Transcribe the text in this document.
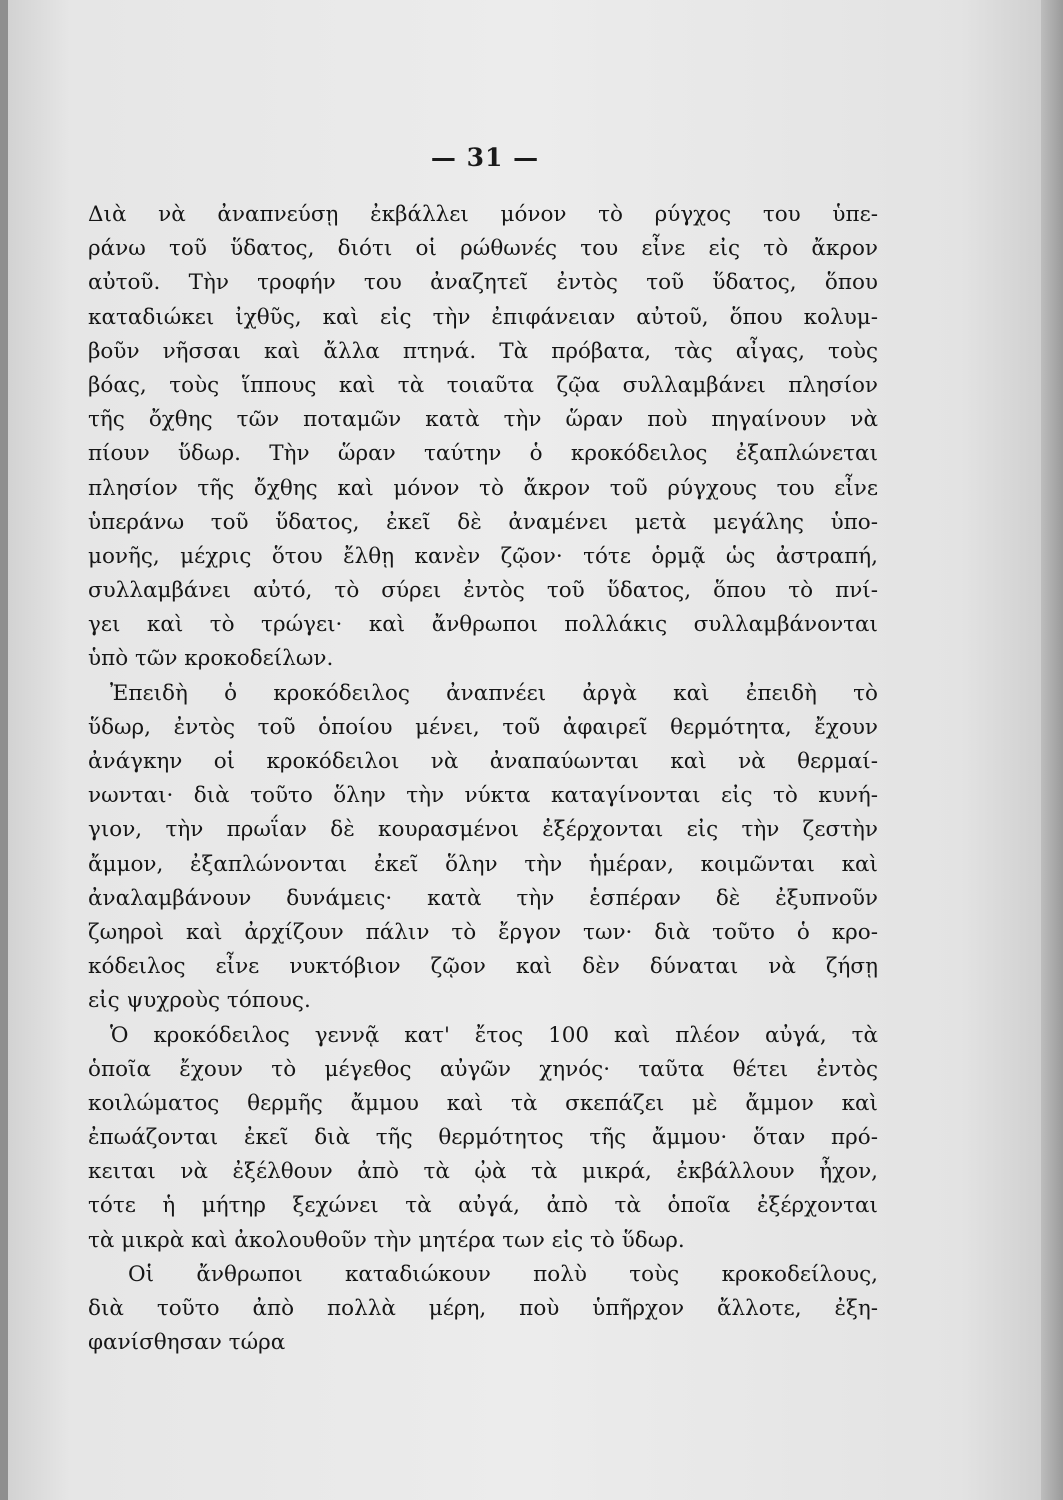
— 31 —
Διὰ νὰ ἀναπνεύσῃ ἐκβάλλει μόνον τὸ ρύγχος του ὑπε-
ράνω τοῦ ὕδατος, διότι οἱ ρώθωνές του εἶνε εἰς τὸ ἄκρον
αὐτοῦ. Τὴν τροφήν του ἀναζητεῖ ἐντὸς τοῦ ὕδατος, ὅπου
καταδιώκει ἰχθῦς, καὶ εἰς τὴν ἐπιφάνειαν αὐτοῦ, ὅπου κολυμ-
βοῦν νῆσσαι καὶ ἄλλα πτηνά. Τὰ πρόβατα, τὰς αἶγας, τοὺς
βόας, τοὺς ἵππους καὶ τὰ τοιαῦτα ζῷα συλλαμβάνει πλησίον
τῆς ὄχθης τῶν ποταμῶν κατὰ τὴν ὥραν ποὺ πηγαίνουν νὰ
πίουν ὕδωρ. Τὴν ὥραν ταύτην ὁ κροκόδειλος ἐξαπλώνεται
πλησίον τῆς ὄχθης καὶ μόνον τὸ ἄκρον τοῦ ρύγχους του εἶνε
ὑπεράνω τοῦ ὕδατος, ἐκεῖ δὲ ἀναμένει μετὰ μεγάλης ὑπο-
μονῆς, μέχρις ὅτου ἔλθῃ κανὲν ζῷον· τότε ὁρμᾷ ὡς ἀστραπή,
συλλαμβάνει αὐτό, τὸ σύρει ἐντὸς τοῦ ὕδατος, ὅπου τὸ πνί-
γει καὶ τὸ τρώγει· καὶ ἄνθρωποι πολλάκις συλλαμβάνονται
ὑπὸ τῶν κροκοδείλων.
Ἐπειδὴ ὁ κροκόδειλος ἀναπνέει ἀργὰ καὶ ἐπειδὴ τὸ
ὕδωρ, ἐντὸς τοῦ ὁποίου μένει, τοῦ ἀφαιρεῖ θερμότητα, ἔχουν
ἀνάγκην οἱ κροκόδειλοι νὰ ἀναπαύωνται καὶ νὰ θερμαί-
νωνται· διὰ τοῦτο ὅλην τὴν νύκτα καταγίνονται εἰς τὸ κυνή-
γιον, τὴν πρωΐαν δὲ κουρασμένοι ἐξέρχονται εἰς τὴν ζεστὴν
ἄμμον, ἐξαπλώνονται ἐκεῖ ὅλην τὴν ἡμέραν, κοιμῶνται καὶ
ἀναλαμβάνουν δυνάμεις· κατὰ τὴν ἑσπέραν δὲ ἐξυπνοῦν
ζωηροὶ καὶ ἀρχίζουν πάλιν τὸ ἔργον των· διὰ τοῦτο ὁ κρο-
κόδειλος εἶνε νυκτόβιον ζῷον καὶ δὲν δύναται νὰ ζήσῃ
εἰς ψυχροὺς τόπους.
Ὁ κροκόδειλος γεννᾷ κατ' ἔτος 100 καὶ πλέον αὐγά, τὰ
ὁποῖα ἔχουν τὸ μέγεθος αὐγῶν χηνός· ταῦτα θέτει ἐντὸς
κοιλώματος θερμῆς ἄμμου καὶ τὰ σκεπάζει μὲ ἄμμον καὶ
ἐπωάζονται ἐκεῖ διὰ τῆς θερμότητος τῆς ἄμμου· ὅταν πρό-
κειται νὰ ἐξέλθουν ἀπὸ τὰ ᾠὰ τὰ μικρά, ἐκβάλλουν ἦχον,
τότε ἡ μήτηρ ξεχώνει τὰ αὐγά, ἀπὸ τὰ ὁποῖα ἐξέρχονται
τὰ μικρὰ καὶ ἀκολουθοῦν τὴν μητέρα των εἰς τὸ ὕδωρ.
Οἱ ἄνθρωποι καταδιώκουν πολὺ τοὺς κροκοδείλους,
διὰ τοῦτο ἀπὸ πολλὰ μέρη, ποὺ ὑπῆρχον ἄλλοτε, ἐξη-
φανίσθησαν τώρα
